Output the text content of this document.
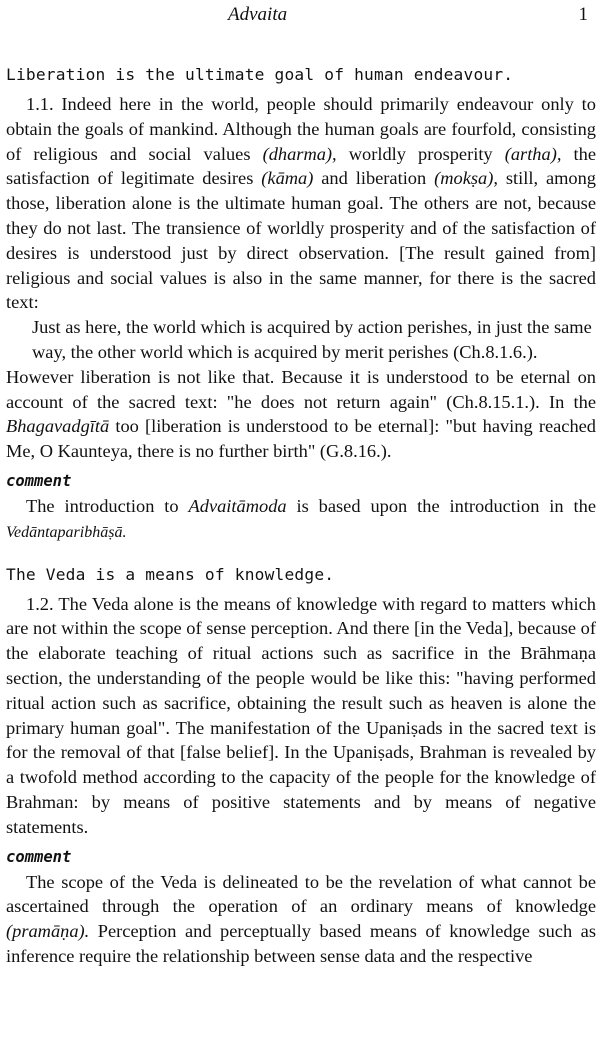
Advaita	1
Liberation is the ultimate goal of human endeavour.

1.1. Indeed here in the world, people should primarily endeavour only to obtain the goals of mankind. Although the human goals are fourfold, consisting of religious and social values (dharma), worldly prosperity (artha), the satisfaction of legitimate desires (kāma) and liberation (mokṣa), still, among those, liberation alone is the ultimate human goal. The others are not, because they do not last. The transience of worldly prosperity and of the satisfaction of desires is understood just by direct observation. [The result gained from] religious and social values is also in the same manner, for there is the sacred text:

Just as here, the world which is acquired by action perishes, in just the same way, the other world which is acquired by merit perishes (Ch.8.1.6.).

However liberation is not like that. Because it is understood to be eternal on account of the sacred text: "he does not return again" (Ch.8.15.1.). In the Bhagavadgītā too [liberation is understood to be eternal]: "but having reached Me, O Kaunteya, there is no further birth" (G.8.16.).

comment

The introduction to Advaitāmoda is based upon the introduction in the Vedāntaparibhāṣā.

The Veda is a means of knowledge.

1.2. The Veda alone is the means of knowledge with regard to matters which are not within the scope of sense perception. And there [in the Veda], because of the elaborate teaching of ritual actions such as sacrifice in the Brāhmaṇa section, the understanding of the people would be like this: "having performed ritual action such as sacrifice, obtaining the result such as heaven is alone the primary human goal". The manifestation of the Upaniṣads in the sacred text is for the removal of that [false belief]. In the Upaniṣads, Brahman is revealed by a twofold method according to the capacity of the people for the knowledge of Brahman: by means of positive statements and by means of negative statements.

comment

The scope of the Veda is delineated to be the revelation of what cannot be ascertained through the operation of an ordinary means of knowledge (pramāṇa). Perception and perceptually based means of knowledge such as inference require the relationship between sense data and the respective
